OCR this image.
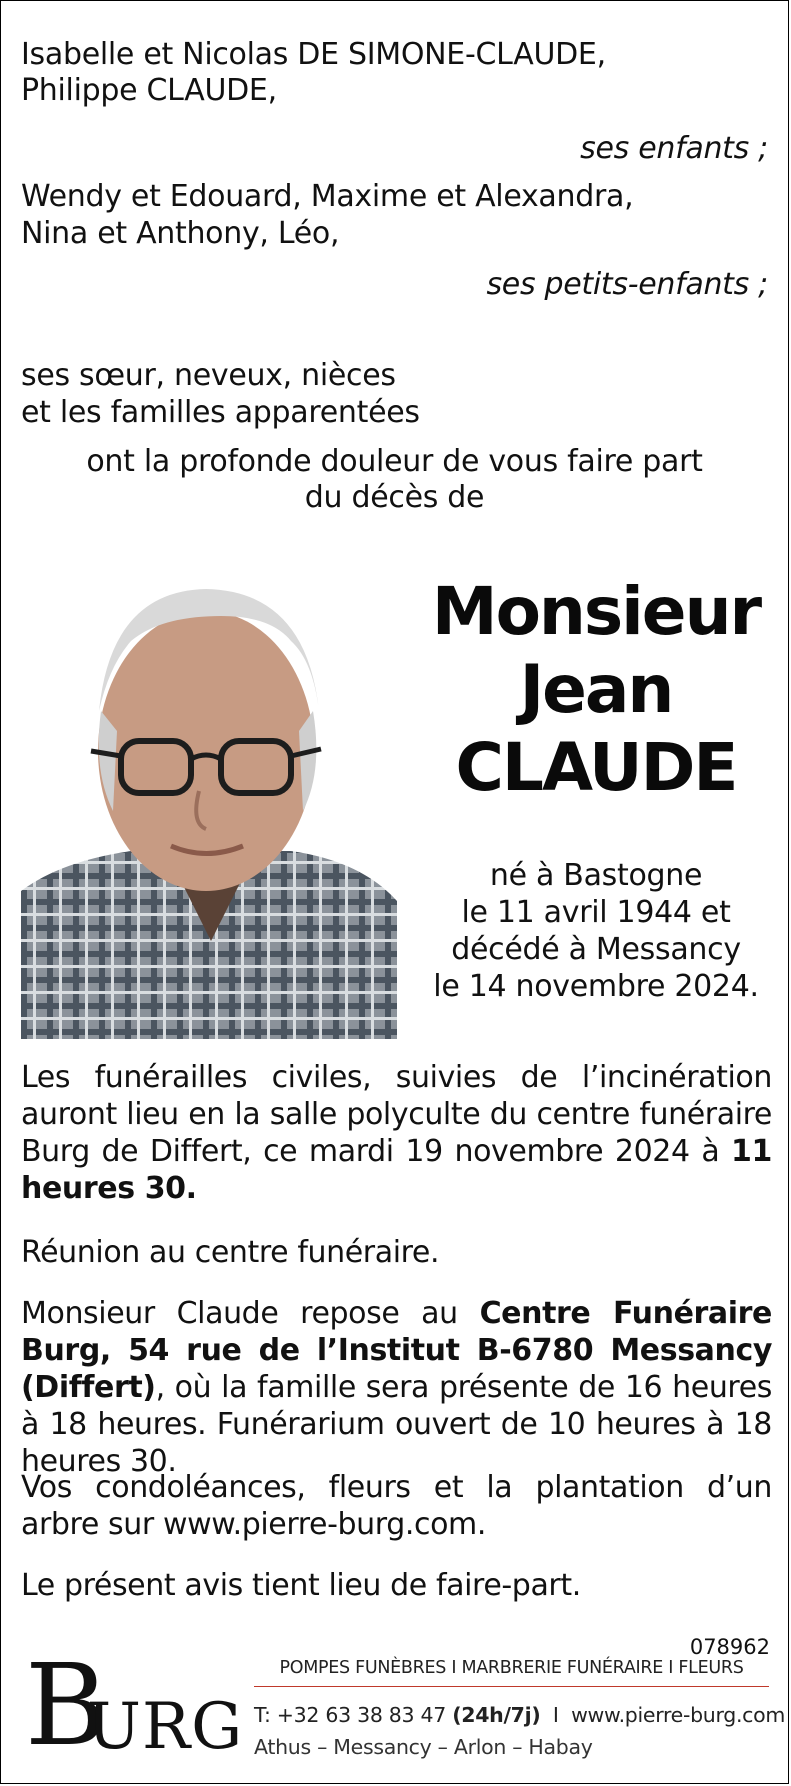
Isabelle et Nicolas DE SIMONE-CLAUDE,
Philippe CLAUDE,
ses enfants ;
Wendy et Edouard, Maxime et Alexandra,
Nina et Anthony, Léo,
ses petits-enfants ;
ses sœur, neveux, nièces
et les familles apparentées
ont la profonde douleur de vous faire part
du décès de
Monsieur
Jean
CLAUDE
né à Bastogne
le 11 avril 1944 et
décédé à Messancy
le 14 novembre 2024.
Les funérailles civiles, suivies de l’incinération auront lieu en la salle polyculte du centre funéraire Burg de Differt, ce mardi 19 novembre 2024 à 11 heures 30.
Réunion au centre funéraire.
Monsieur Claude repose au Centre Funéraire Burg, 54 rue de l’Institut B-6780 Messancy (Differt), où la famille sera présente de 16 heures à 18 heures. Funérarium ouvert de 10 heures à 18 heures 30.
Vos condoléances, fleurs et la plantation d’un arbre sur www.pierre-burg.com.
Le présent avis tient lieu de faire-part.
078962
B
URG
POMPES FUNÈBRES I MARBRERIE FUNÉRAIRE I FLEURS
T: +32 63 38 83 47 (24h/7j)  I  www.pierre-burg.com
Athus – Messancy – Arlon – Habay
